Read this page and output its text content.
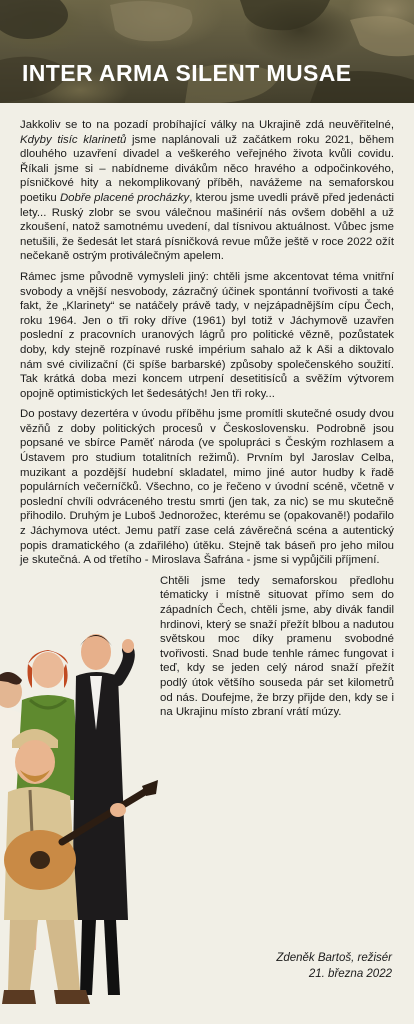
INTER ARMA SILENT MUSAE

Jakkoliv se to na pozadí probíhající války na Ukrajině zdá neuvěřitelné, Kdyby tisíc klarinetů jsme naplánovali už začátkem roku 2021, během dlouhého uzavření divadel a veškerého veřejného života kvůli covidu. Říkali jsme si – nabídneme divákům něco hravého a odpočinkového, písničkové hity a nekomplikovaný příběh, navážeme na semaforskou poetiku Dobře placené procházky, kterou jsme uvedli právě před jedenácti lety... Ruský zlobr se svou válečnou mašinérií nás ovšem doběhl a už zkoušení, natož samotnému uvedení, dal tísnivou aktuálnost. Vůbec jsme netušili, že šedesát let stará písničková revue může ještě v roce 2022 ožít nečekaně ostrým protiválečným apelem.

Rámec jsme původně vymysleli jiný: chtěli jsme akcentovat téma vnitřní svobody a vnější nesvobody, zázračný účinek spontánní tvořivosti a také fakt, že „Klarinety“ se natáčely právě tady, v nejzápadnějším cípu Čech, roku 1964. Jen o tři roky dříve (1961) byl totiž v Jáchymově uzavřen poslední z pracovních uranových lágrů pro politické vězně, pozůstatek doby, kdy stejně rozpínavé ruské impérium sahalo až k Aši a diktovalo nám své civilizační (či spíše barbarské) způsoby společenského soužití. Tak krátká doba mezi koncem utrpení desetitisíců a svěžím výtvorem opojně optimistických let šedesátých! Jen tři roky...

Do postavy dezertéra v úvodu příběhu jsme promítli skutečné osudy dvou vězňů z doby politických procesů v Československu. Podrobně jsou popsané ve sbírce Paměť národa (ve spolupráci s Českým rozhlasem a Ústavem pro studium totalitních režimů). Prvním byl Jaroslav Celba, muzikant a pozdější hudební skladatel, mimo jiné autor hudby k řadě populárních večerníčků. Všechno, co je řečeno v úvodní scéně, včetně v poslední chvíli odvráceného trestu smrti (jen tak, za nic) se mu skutečně přihodilo. Druhým je Luboš Jednorožec, kterému se (opakovaně!) podařilo z Jáchymova utéct. Jemu patří zase celá závěrečná scéna a autentický popis dramatického (a zdařilého) útěku. Stejně tak báseň pro jeho milou je skutečná. A od třetího - Miroslava Šafrána - jsme si vypůjčili příjmení.

Chtěli jsme tedy semaforskou předlohu tématicky i místně situovat přímo sem do západních Čech, chtěli jsme, aby divák fandil hrdinovi, který se snaží přežít blbou a nadutou světskou moc díky pramenu svobodné tvořivosti. Snad bude tenhle rámec fungovat i teď, kdy se jeden celý národ snaží přežít podlý útok většího souseda pár set kilometrů od nás. Doufejme, že brzy přijde den, kdy se i na Ukrajinu místo zbraní vrátí múzy.

Zdeněk Bartoš, režisér
21. března 2022
